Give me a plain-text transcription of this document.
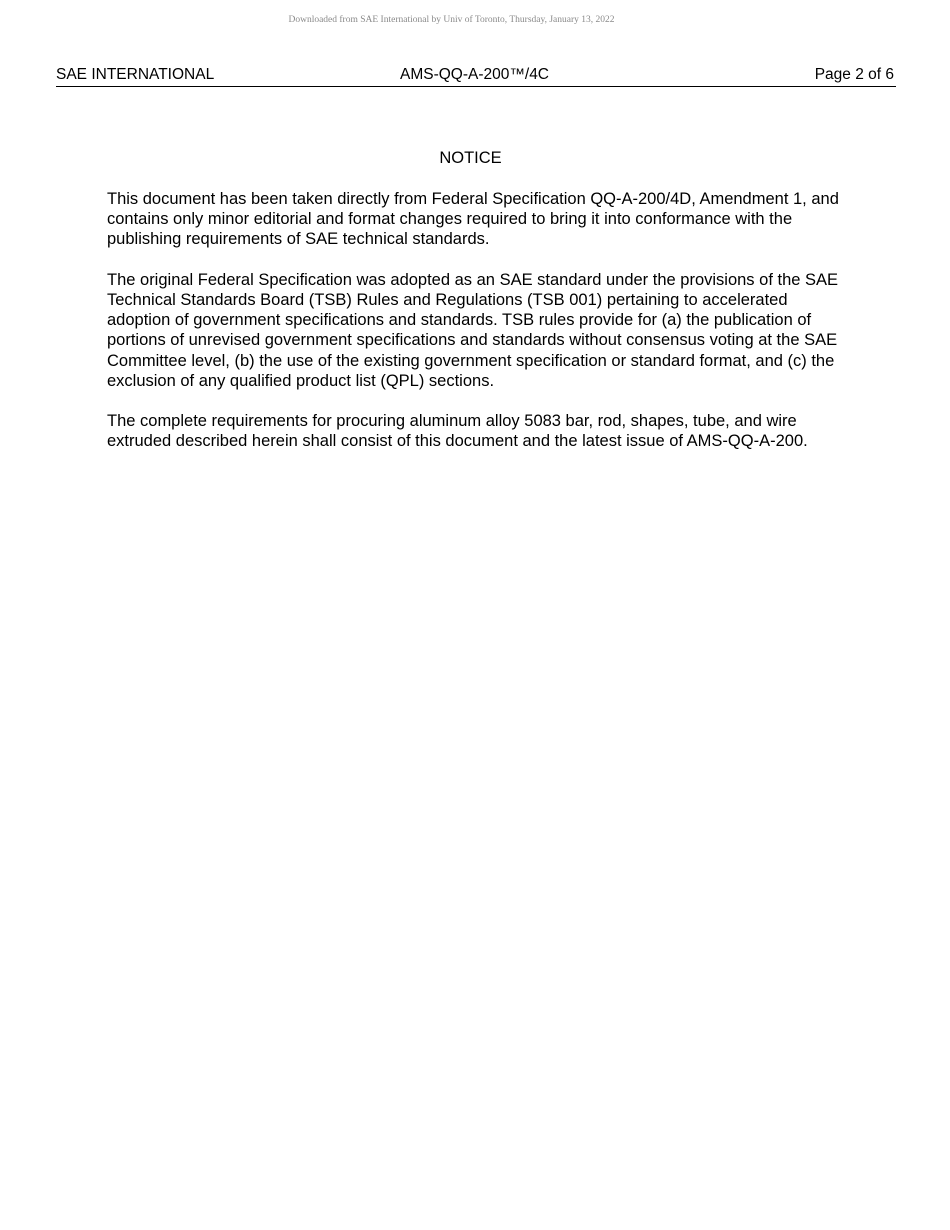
Downloaded from SAE International by Univ of Toronto, Thursday, January 13, 2022
SAE INTERNATIONAL	AMS-QQ-A-200™/4C	Page 2 of 6
NOTICE

This document has been taken directly from Federal Specification QQ-A-200/4D, Amendment 1, and
contains only minor editorial and format changes required to bring it into conformance with the
publishing requirements of SAE technical standards.

The original Federal Specification was adopted as an SAE standard under the provisions of the SAE
Technical Standards Board (TSB) Rules and Regulations (TSB 001) pertaining to accelerated
adoption of government specifications and standards. TSB rules provide for (a) the publication of
portions of unrevised government specifications and standards without consensus voting at the SAE
Committee level, (b) the use of the existing government specification or standard format, and (c) the
exclusion of any qualified product list (QPL) sections.

The complete requirements for procuring aluminum alloy 5083 bar, rod, shapes, tube, and wire
extruded described herein shall consist of this document and the latest issue of AMS-QQ-A-200.
